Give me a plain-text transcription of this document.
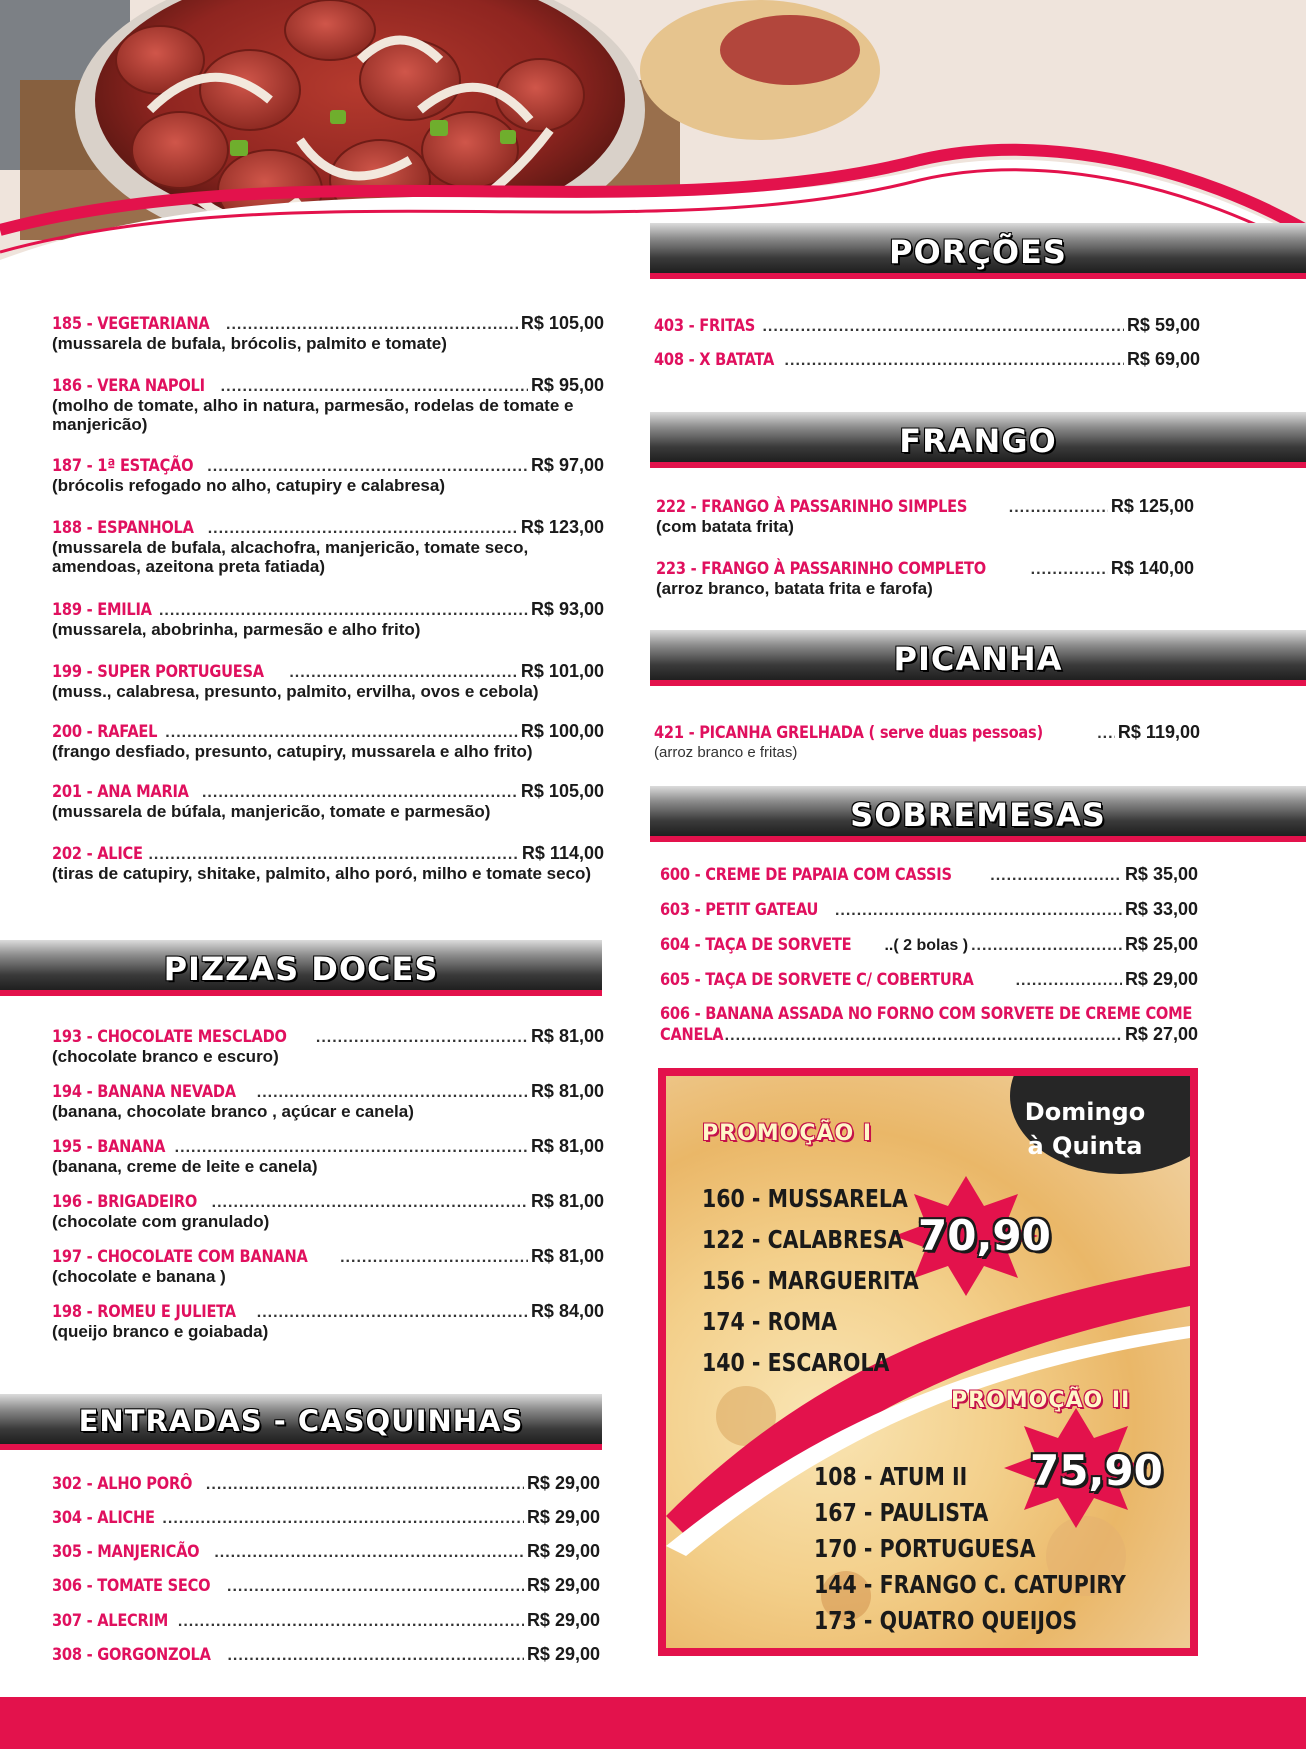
185 - VEGETARIANA .....	R$ 105,00
(mussarela de bufala, brócolis, palmito e tomate)
186 - VERA NAPOLI .....	R$ 95,00
(molho de tomate, alho in natura, parmesão, rodelas de tomate e manjericão)
187 - 1ª ESTAÇÃO .....	R$ 97,00
(brócolis refogado no alho, catupiry e calabresa)
188 - ESPANHOLA .....	R$ 123,00
(mussarela de bufala, alcachofra, manjericão, tomate seco, amendoas, azeitona preta fatiada)
189 - EMILIA .....	R$ 93,00
(mussarela, abobrinha, parmesão e alho frito)
199 - SUPER PORTUGUESA .....	R$ 101,00
(muss., calabresa, presunto, palmito, ervilha, ovos e cebola)
200 - RAFAEL .....	R$ 100,00
(frango desfiado, presunto, catupiry, mussarela e alho frito)
201 - ANA MARIA .....	R$ 105,00
(mussarela de búfala, manjericão, tomate e parmesão)
202 - ALICE .....	R$ 114,00
(tiras de catupiry, shitake, palmito, alho poró, milho e tomate seco)
PIZZAS DOCES
193 - CHOCOLATE MESCLADO .....	R$ 81,00
(chocolate branco e escuro)
194 - BANANA NEVADA .....	R$ 81,00
(banana, chocolate branco , açúcar e canela)
195 - BANANA .....	R$ 81,00
(banana, creme de leite e canela)
196 - BRIGADEIRO .....	R$ 81,00
(chocolate com granulado)
197 - CHOCOLATE COM BANANA .....	R$ 81,00
(chocolate e banana )
198 - ROMEU E JULIETA .....	R$ 84,00
(queijo branco e goiabada)
ENTRADAS - CASQUINHAS
302 - ALHO PORÔ .....	R$ 29,00
304 - ALICHE .....	R$ 29,00
305 - MANJERICÃO .....	R$ 29,00
306 - TOMATE SECO .....	R$ 29,00
307 - ALECRIM .....	R$ 29,00
308 - GORGONZOLA .....	R$ 29,00
PORÇÕES
403 - FRITAS .....	R$ 59,00
408 - X BATATA .....	R$ 69,00
FRANGO
222 - FRANGO À PASSARINHO SIMPLES .....	R$ 125,00
(com batata frita)
223 - FRANGO À PASSARINHO COMPLETO .....	R$ 140,00
(arroz branco, batata frita e farofa)
PICANHA
421 - PICANHA GRELHADA ( serve duas pessoas) .....	R$ 119,00
(arroz branco e fritas)
SOBREMESAS
600 - CREME DE PAPAIA COM CASSIS .....	R$ 35,00
603 - PETIT GATEAU .....	R$ 33,00
604 - TAÇA DE SORVETE ..( 2 bolas ) .....	R$ 25,00
605 - TAÇA DE SORVETE C/ COBERTURA .....	R$ 29,00
606 - BANANA ASSADA NO FORNO COM SORVETE DE CREME COME
CANELA .....	R$ 27,00
PROMOÇÃO I
PROMOÇÃO II
70,90
75,90
160 - MUSSARELA
122 - CALABRESA
156 - MARGUERITA
174 - ROMA
140 - ESCAROLA
108 - ATUM II
167 - PAULISTA
170 - PORTUGUESA
144 - FRANGO C. CATUPIRY
173 - QUATRO QUEIJOS
Domingo
à Quinta
